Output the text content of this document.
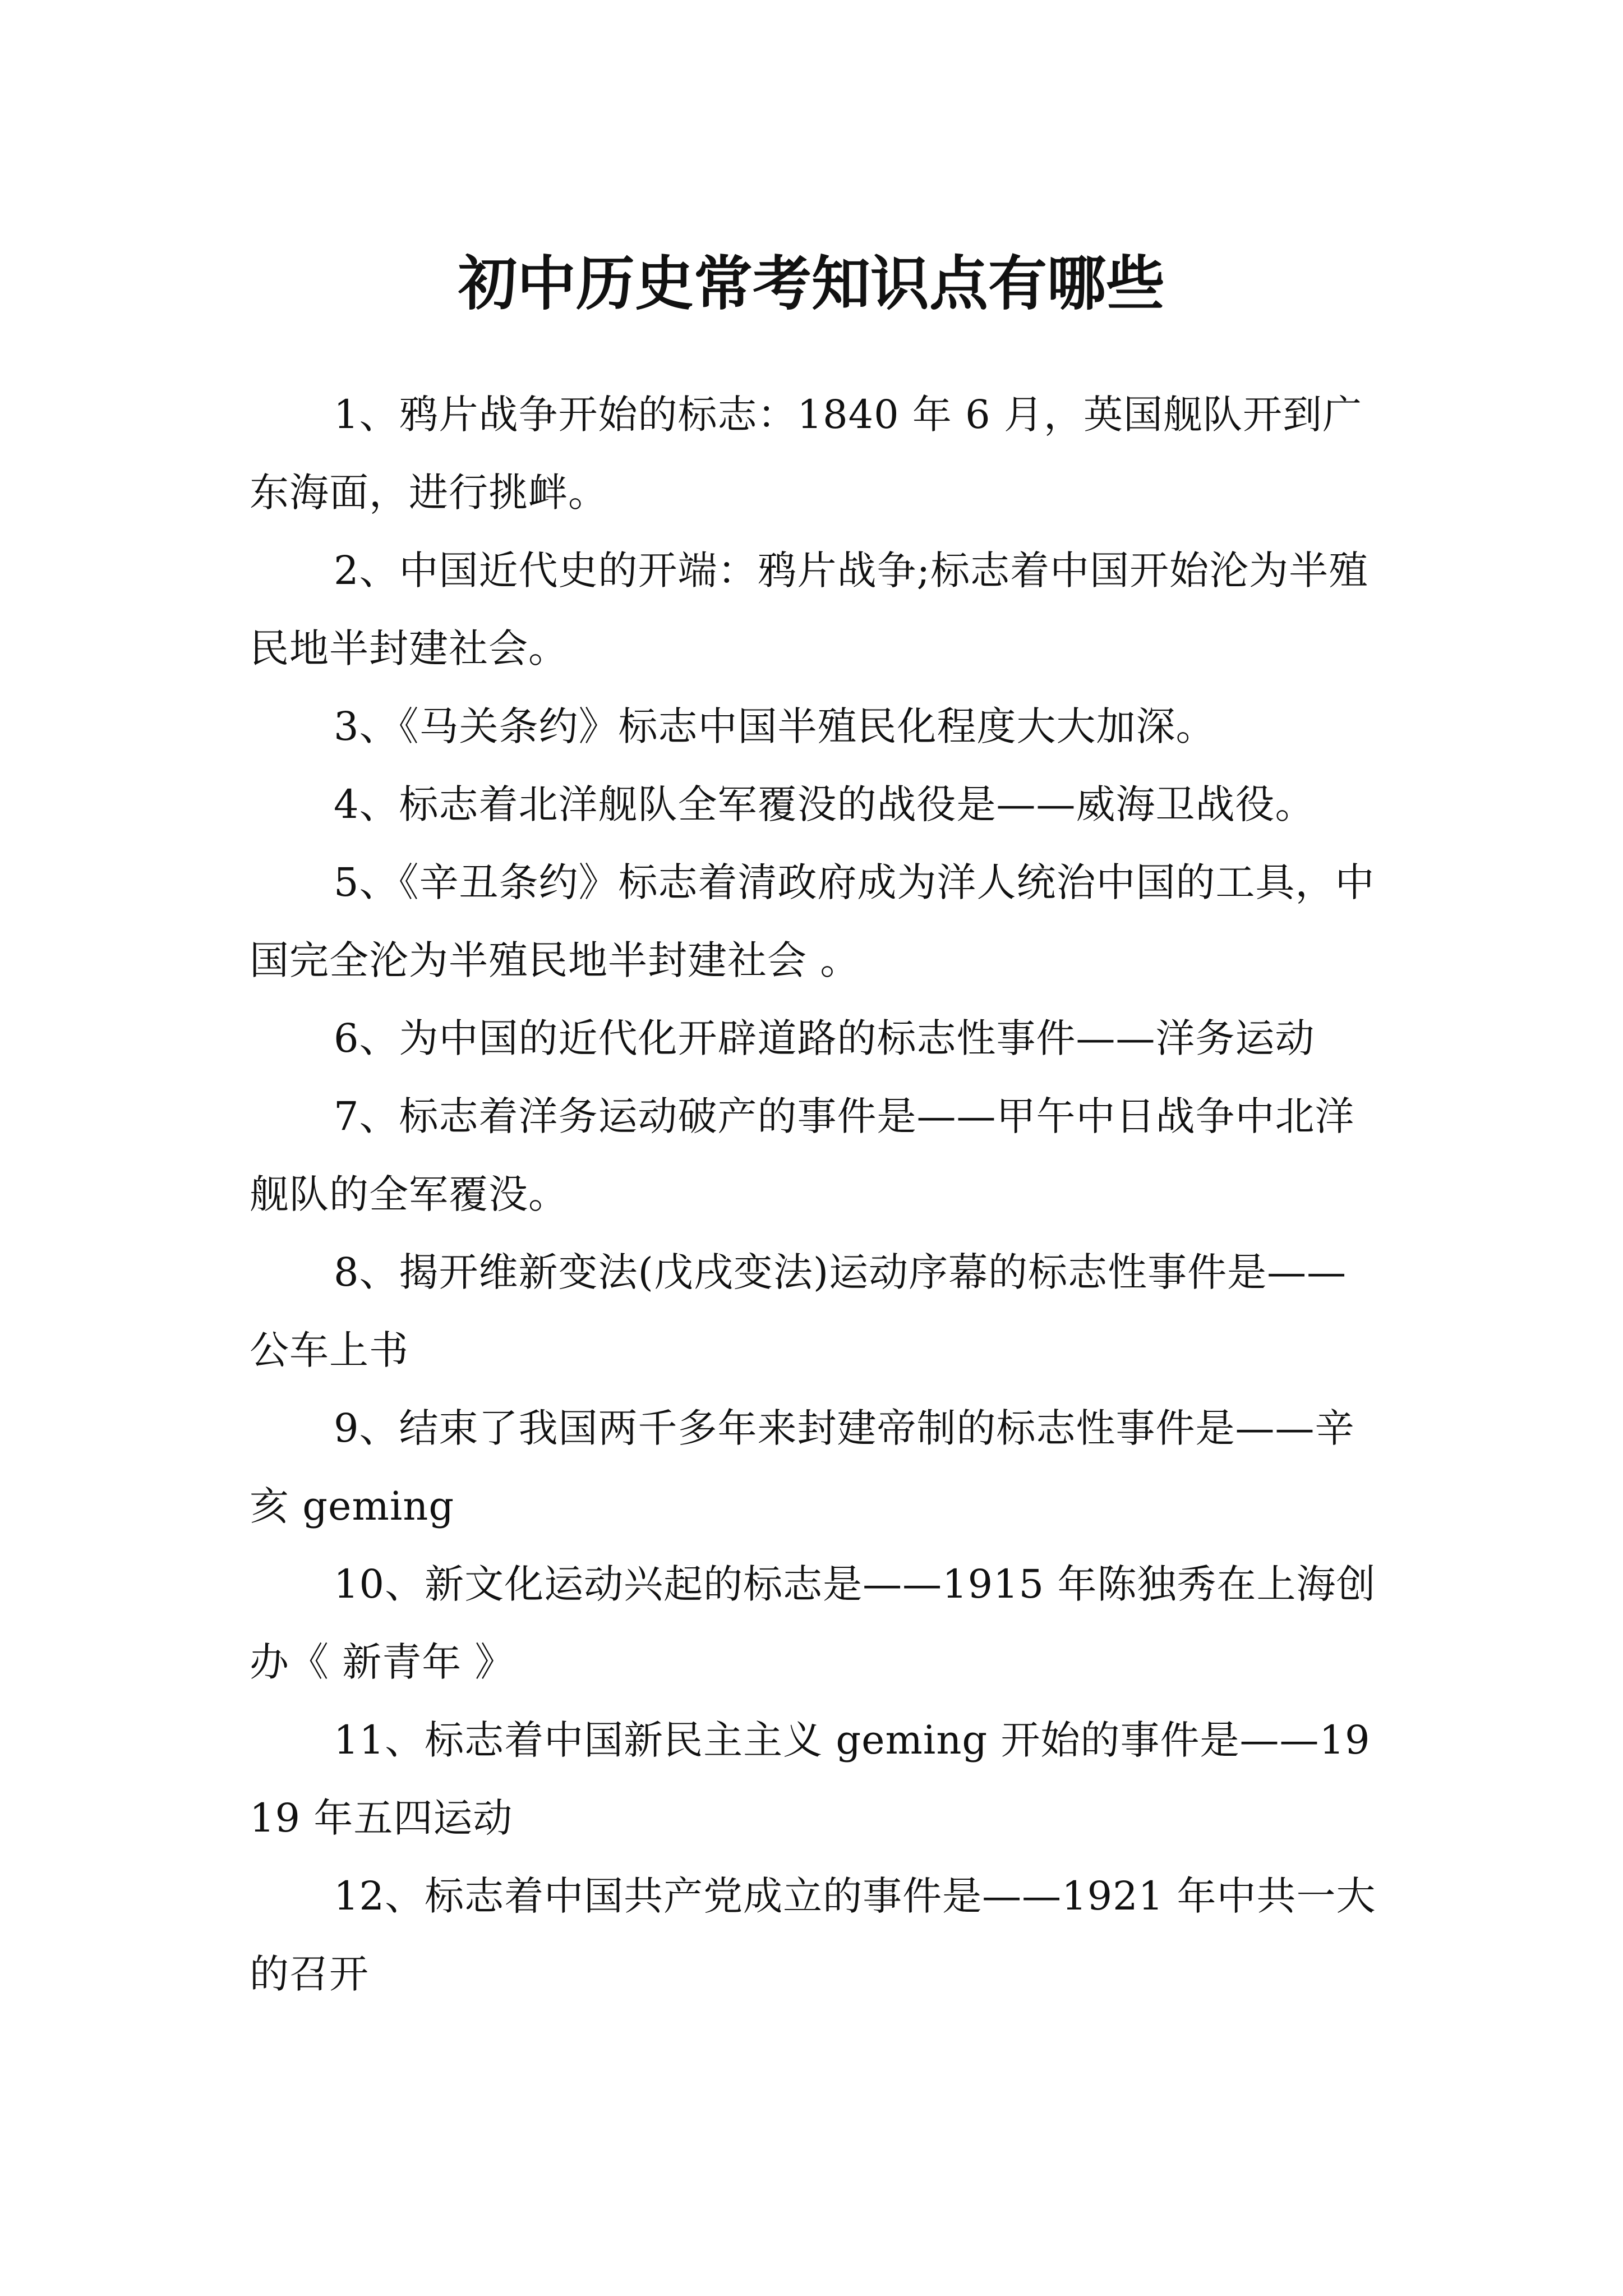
初中历史常考知识点有哪些

1、鸦片战争开始的标志：1840 年 6 月，英国舰队开到广东海面，进行挑衅。

2、中国近代史的开端：鸦片战争;标志着中国开始沦为半殖民地半封建社会。

3、《马关条约》标志中国半殖民化程度大大加深。

4、标志着北洋舰队全军覆没的战役是——威海卫战役。

5、《辛丑条约》标志着清政府成为洋人统治中国的工具，中国完全沦为半殖民地半封建社会 。

6、为中国的近代化开辟道路的标志性事件——洋务运动

7、标志着洋务运动破产的事件是——甲午中日战争中北洋舰队的全军覆没。

8、揭开维新变法(戊戌变法)运动序幕的标志性事件是——公车上书

9、结束了我国两千多年来封建帝制的标志性事件是——辛亥 geming

10、新文化运动兴起的标志是——1915 年陈独秀在上海创办《 新青年 》

11、标志着中国新民主主义 geming 开始的事件是——1919 年五四运动

12、标志着中国共产党成立的事件是——1921 年中共一大的召开
